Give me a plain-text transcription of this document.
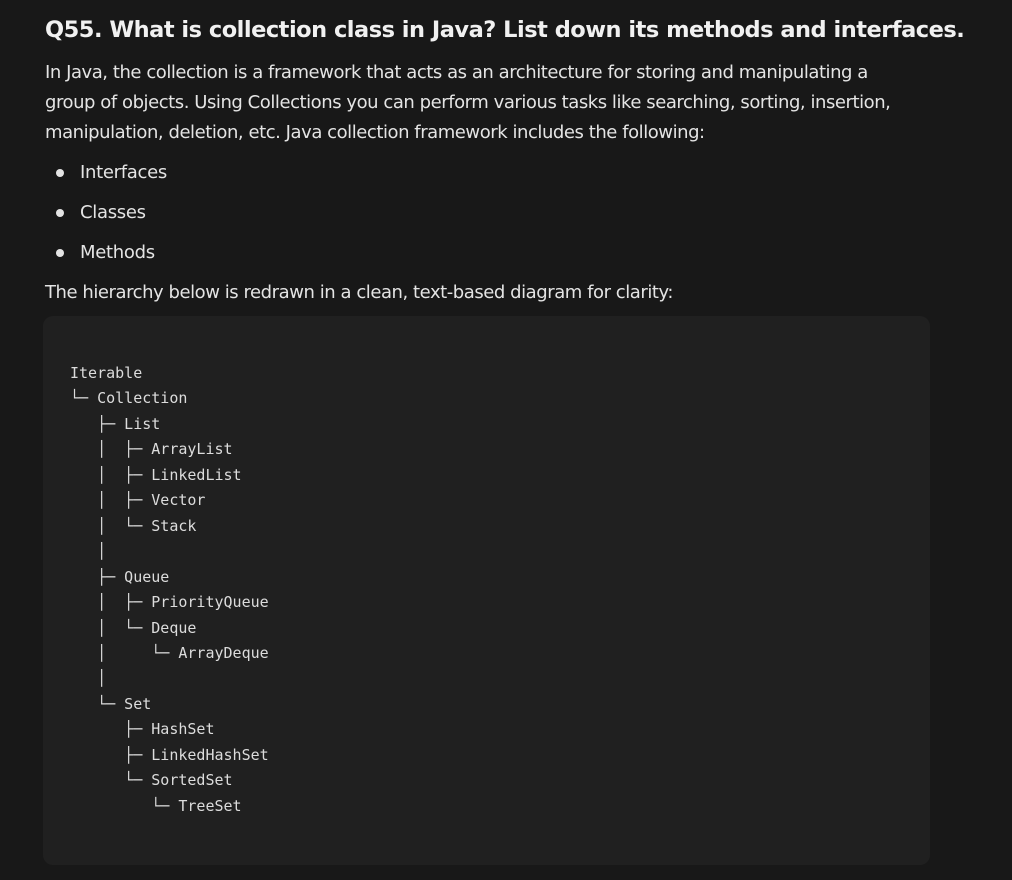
Q55. What is collection class in Java? List down its methods and interfaces.

In Java, the collection is a framework that acts as an architecture for storing and manipulating a
group of objects. Using Collections you can perform various tasks like searching, sorting, insertion,
manipulation, deletion, etc. Java collection framework includes the following:

Interfaces
Classes
Methods

The hierarchy below is redrawn in a clean, text-based diagram for clarity:

Iterable
└─ Collection
├─ List
│  ├─ ArrayList
│  ├─ LinkedList
│  ├─ Vector
│  └─ Stack
│
├─ Queue
│  ├─ PriorityQueue
│  └─ Deque
│     └─ ArrayDeque
│
└─ Set
├─ HashSet
├─ LinkedHashSet
└─ SortedSet
└─ TreeSet
